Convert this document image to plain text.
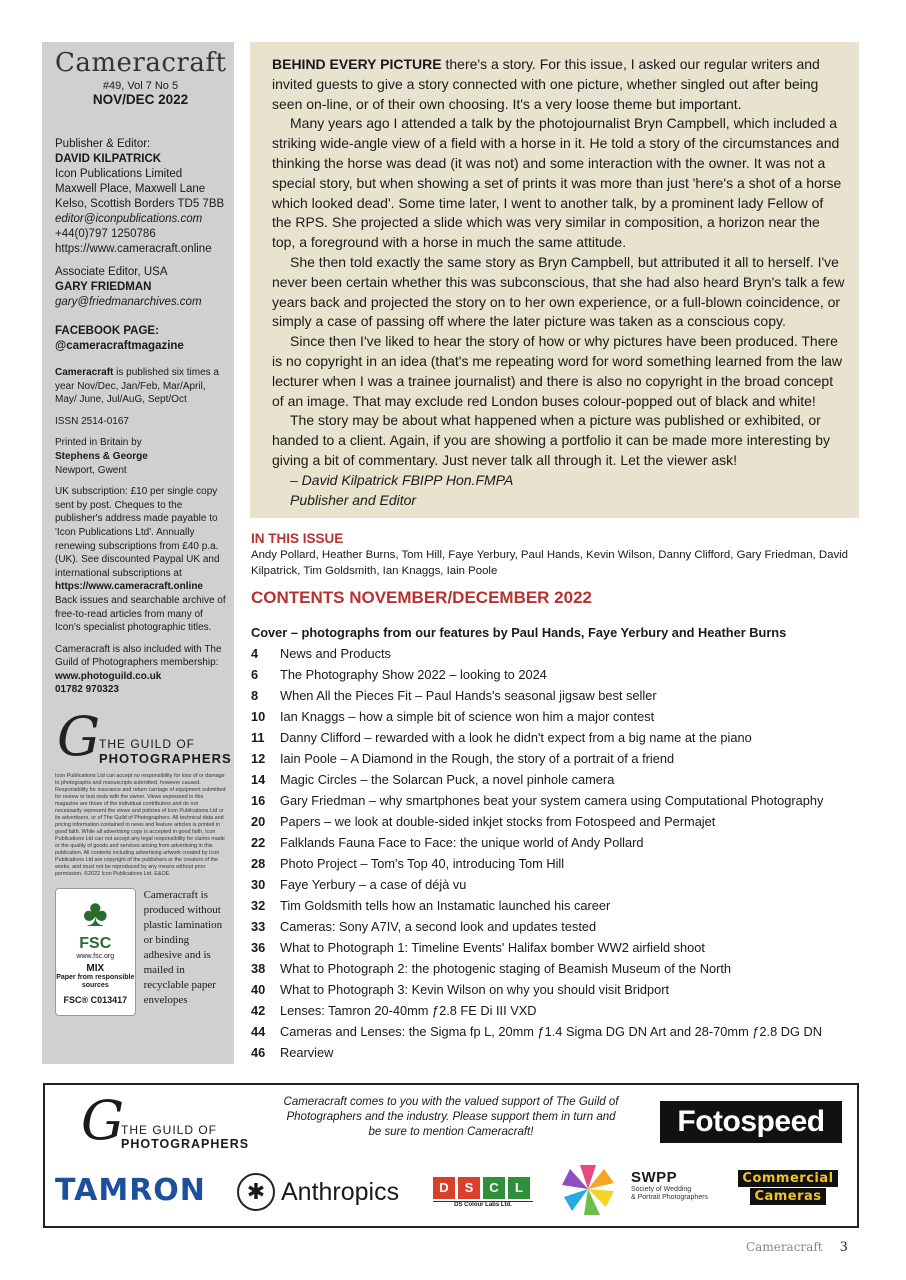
Cameracraft
#49, Vol 7 No 5
NOV/DEC 2022

Publisher & Editor:

DAVID KILPATRICK

Icon Publications Limited

Maxwell Place, Maxwell Lane

Kelso, Scottish Borders TD5 7BB

editor@iconpublications.com

+44(0)797 1250786

https://www.cameracraft.online

Associate Editor, USA

GARY FRIEDMAN

gary@friedmanarchives.com

FACEBOOK PAGE:

@cameracraftmagazine

Cameracraft is published six times a year Nov/Dec, Jan/Feb, Mar/April, May/ June, Jul/AuG, Sept/Oct

ISSN 2514-0167

Printed in Britain by

Stephens & George

Newport, Gwent

UK subscription: £10 per single copy sent by post. Cheques to the publisher's address made payable to 'Icon Publications Ltd'. Annually renewing subscriptions from £40 p.a. (UK). See discounted Paypal UK and international subscriptions at

https://www.cameracraft.online

Back issues and searchable archive of free-to-read articles from many of Icon's specialist photographic titles.

Cameracraft is also included with The Guild of Photographers membership:

www.photoguild.co.uk

01782 970323

G
THE GUILD OF
PHOTOGRAPHERS
Icon Publications Ltd can accept no responsibility for loss of or damage to photographs and manuscripts submitted, however caused. Responsibility for insurance and return carriage of equipment submitted for review or test rests with the owner. Views expressed in this magazine are those of the individual contributors and do not necessarily represent the views and policies of Icon Publications Ltd or its advertisers, or of The Guild of Photographers. All technical data and pricing information contained in news and feature articles is printed in good faith. While all advertising copy is accepted in good faith, Icon Publications Ltd can not accept any legal responsibility for claims made or the quality of goods and services arising from advertising in this publication. All contents including advertising artwork created by Icon Publications Ltd are copyright of the publishers or the creators of the works, and must not be reproduced by any means without prior permission. ©2022 Icon Publications Ltd. E&OE.
♣
FSC
www.fsc.org
MIX
Paper from responsible sources
FSC® C013417
Cameracraft is produced without plastic lamination or binding adhesive and is mailed in recyclable paper envelopes

BEHIND EVERY PICTURE there's a story. For this issue, I asked our regular writers and invited guests to give a story connected with one picture, whether singled out after being seen on-line, or of their own choosing. It's a very loose theme but important.

Many years ago I attended a talk by the photojournalist Bryn Campbell, which included a striking wide-angle view of a field with a horse in it. He told a story of the circumstances and thinking the horse was dead (it was not) and some interaction with the owner. It was not a special story, but when showing a set of prints it was more than just 'here's a shot of a horse which looked dead'. Some time later, I went to another talk, by a prominent lady Fellow of the RPS. She projected a slide which was very similar in composition, a horizon near the top, a foreground with a horse in much the same attitude.

She then told exactly the same story as Bryn Campbell, but attributed it all to herself. I've never been certain whether this was subconscious, that she had also heard Bryn's talk a few years back and projected the story on to her own experience, or a full-blown coincidence, or simply a case of passing off where the later picture was taken as a conscious copy.

Since then I've liked to hear the story of how or why pictures have been produced. There is no copyright in an idea (that's me repeating word for word something learned from the law lecturer when I was a trainee journalist) and there is also no copyright in the broad concept of an image. That may exclude red London buses colour-popped out of black and white!

The story may be about what happened when a picture was published or exhibited, or handed to a client. Again, if you are showing a portfolio it can be made more interesting by giving a bit of commentary. Just never talk all through it. Let the viewer ask!

– David Kilpatrick FBIPP Hon.FMPA

Publisher and Editor

IN THIS ISSUE

Andy Pollard, Heather Burns, Tom Hill, Faye Yerbury, Paul Hands, Kevin Wilson, Danny Clifford, Gary Friedman, David Kilpatrick, Tim Goldsmith, Ian Knaggs, Iain Poole

CONTENTS NOVEMBER/DECEMBER 2022
Cover – photographs from our features by Paul Hands, Faye Yerbury and Heather Burns
4	News and Products
6	The Photography Show 2022 – looking to 2024
8	When All the Pieces Fit – Paul Hands's seasonal jigsaw best seller
10	Ian Knaggs – how a simple bit of science won him a major contest
11	Danny Clifford – rewarded with a look he didn't expect from a big name at the piano
12	Iain Poole – A Diamond in the Rough, the story of a portrait of a friend
14	Magic Circles – the Solarcan Puck, a novel pinhole camera
16	Gary Friedman – why smartphones beat your system camera using Computational Photography
20	Papers – we look at double-sided inkjet stocks from Fotospeed and Permajet
22	Falklands Fauna Face to Face: the unique world of Andy Pollard
28	Photo Project – Tom's Top 40, introducing Tom Hill
30	Faye Yerbury – a case of déjà vu
32	Tim Goldsmith tells how an Instamatic launched his career
33	Cameras: Sony A7IV, a second look and updates tested
36	What to Photograph 1: Timeline Events' Halifax bomber WW2 airfield shoot
38	What to Photograph 2: the photogenic staging of Beamish Museum of the North
40	What to Photograph 3: Kevin Wilson on why you should visit Bridport
42	Lenses: Tamron 20-40mm ƒ2.8 FE Di III VXD
44	Cameras and Lenses: the Sigma fp L, 20mm ƒ1.4 Sigma DG DN Art and 28-70mm ƒ2.8 DG DN
46	Rearview
G
THE GUILD OF
PHOTOGRAPHERS
Cameracraft comes to you with the valued support of The Guild of Photographers and the industry. Please support them in turn and be sure to mention Cameracraft!	Fotospeed
TAMRON	✱ Anthropics	D	S	C	L
DS Colour Labs Ltd.
SWPP
Society of Wedding
& Portrait Photographers
Commercial
Cameras
Cameracraft 3
